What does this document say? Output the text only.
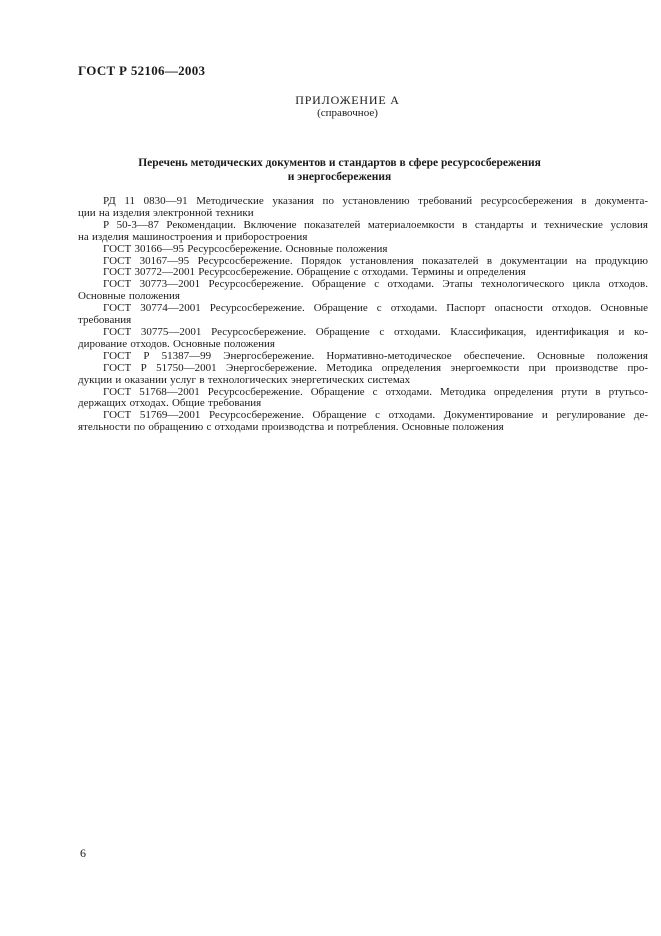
ГОСТ Р 52106—2003
ПРИЛОЖЕНИЕ А
(справочное)
Перечень методических документов и стандартов в сфере ресурсосбережения
и энергосбережения
РД 11 0830—91 Методические указания по установлению требований ресурсосбережения в документа-
ции на изделия электронной техники
Р 50-3—87 Рекомендации. Включение показателей материалоемкости в стандарты и технические условия
на изделия машиностроения и приборостроения
ГОСТ 30166—95 Ресурсосбережение. Основные положения
ГОСТ 30167—95 Ресурсосбережение. Порядок установления показателей в документации на продукцию
ГОСТ 30772—2001 Ресурсосбережение. Обращение с отходами. Термины и определения
ГОСТ 30773—2001 Ресурсосбережение. Обращение с отходами. Этапы технологического цикла отходов.
Основные положения
ГОСТ 30774—2001 Ресурсосбережение. Обращение с отходами. Паспорт опасности отходов. Основные
требования
ГОСТ 30775—2001 Ресурсосбережение. Обращение с отходами. Классификация, идентификация и ко-
дирование отходов. Основные положения
ГОСТ Р 51387—99 Энергосбережение. Нормативно-методическое обеспечение. Основные положения
ГОСТ Р 51750—2001 Энергосбережение. Методика определения энергоемкости при производстве про-
дукции и оказании услуг в технологических энергетических системах
ГОСТ 51768—2001 Ресурсосбережение. Обращение с отходами. Методика определения ртути в ртутьсо-
держащих отходах. Общие требования
ГОСТ 51769—2001 Ресурсосбережение. Обращение с отходами. Документирование и регулирование де-
ятельности по обращению с отходами производства и потребления. Основные положения
6
